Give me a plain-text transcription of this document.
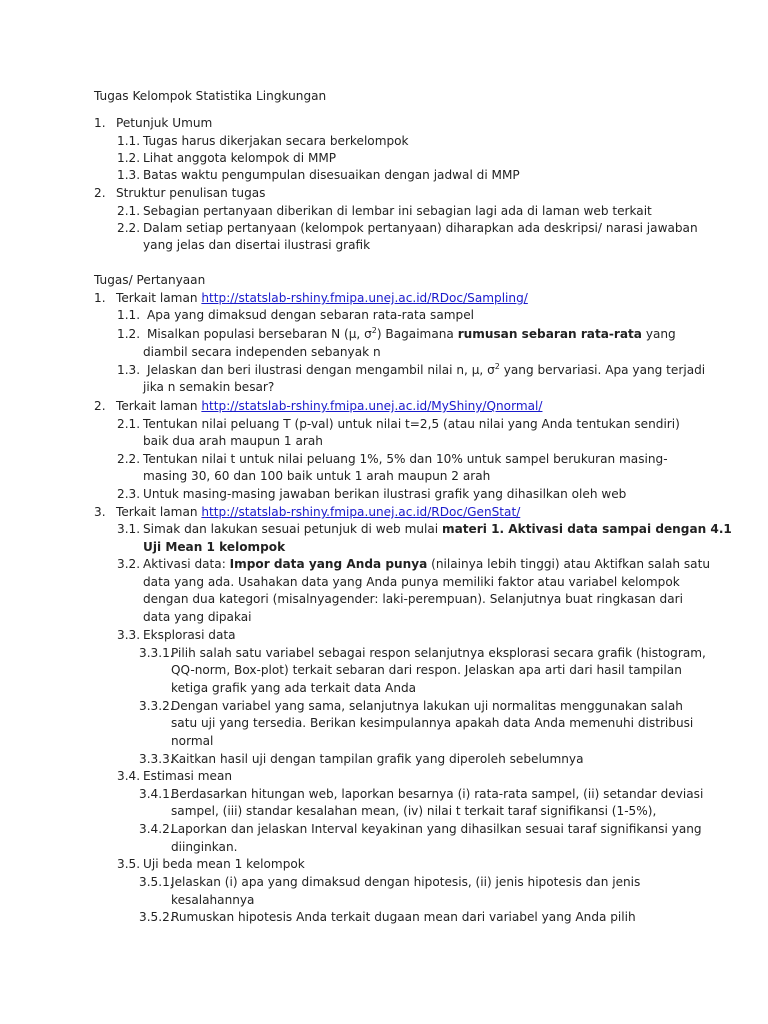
Tugas Kelompok Statistika Lingkungan
1. Petunjuk Umum
1.1. Tugas harus dikerjakan secara berkelompok
1.2. Lihat anggota kelompok di MMP
1.3. Batas waktu pengumpulan disesuaikan dengan jadwal di MMP
2. Struktur penulisan tugas
2.1. Sebagian pertanyaan diberikan di lembar ini sebagian lagi ada di laman web terkait
2.2. Dalam setiap pertanyaan (kelompok pertanyaan) diharapkan ada deskripsi/ narasi jawaban
yang jelas dan disertai ilustrasi grafik
Tugas/ Pertanyaan
1. Terkait laman http://statslab-rshiny.fmipa.unej.ac.id/RDoc/Sampling/
1.1. Apa yang dimaksud dengan sebaran rata-rata sampel
1.2. Misalkan populasi bersebaran N (μ, $\sigma^2$) Bagaimana rumusan sebaran rata-rata yang
diambil secara independen sebanyak n
1.3. Jelaskan dan beri ilustrasi dengan mengambil nilai n, μ, $\sigma^2$ yang bervariasi. Apa yang terjadi
jika n semakin besar?
2. Terkait laman http://statslab-rshiny.fmipa.unej.ac.id/MyShiny/Qnormal/
2.1. Tentukan nilai peluang T (p-val) untuk nilai t=2,5 (atau nilai yang Anda tentukan sendiri)
baik dua arah maupun 1 arah
2.2. Tentukan nilai t untuk nilai peluang 1%, 5% dan 10% untuk sampel berukuran masing-
masing 30, 60 dan 100 baik untuk 1 arah maupun 2 arah
2.3. Untuk masing-masing jawaban berikan ilustrasi grafik yang dihasilkan oleh web
3. Terkait laman http://statslab-rshiny.fmipa.unej.ac.id/RDoc/GenStat/
3.1. Simak dan lakukan sesuai petunjuk di web mulai materi 1. Aktivasi data sampai dengan 4.1
Uji Mean 1 kelompok
3.2. Aktivasi data: Impor data yang Anda punya (nilainya lebih tinggi) atau Aktifkan salah satu
data yang ada. Usahakan data yang Anda punya memiliki faktor atau variabel kelompok
dengan dua kategori (misalnyagender: laki-perempuan). Selanjutnya buat ringkasan dari
data yang dipakai
3.3. Eksplorasi data
3.3.1.
Pilih salah satu variabel sebagai respon selanjutnya eksplorasi secara grafik (histogram,
QQ-norm, Box-plot) terkait sebaran dari respon. Jelaskan apa arti dari hasil tampilan
ketiga grafik yang ada terkait data Anda
3.3.2.
Dengan variabel yang sama, selanjutnya lakukan uji normalitas menggunakan salah
satu uji yang tersedia. Berikan kesimpulannya apakah data Anda memenuhi distribusi
normal
3.3.3.
Kaitkan hasil uji dengan tampilan grafik yang diperoleh sebelumnya
3.4. Estimasi mean
3.4.1.
Berdasarkan hitungan web, laporkan besarnya (i) rata-rata sampel, (ii) setandar deviasi
sampel, (iii) standar kesalahan mean, (iv) nilai t terkait taraf signifikansi (1-5%),
3.4.2.
Laporkan dan jelaskan Interval keyakinan yang dihasilkan sesuai taraf signifikansi yang
diinginkan.
3.5. Uji beda mean 1 kelompok
3.5.1.
Jelaskan (i) apa yang dimaksud dengan hipotesis, (ii) jenis hipotesis dan jenis
kesalahannya
3.5.2.
Rumuskan hipotesis Anda terkait dugaan mean dari variabel yang Anda pilih
